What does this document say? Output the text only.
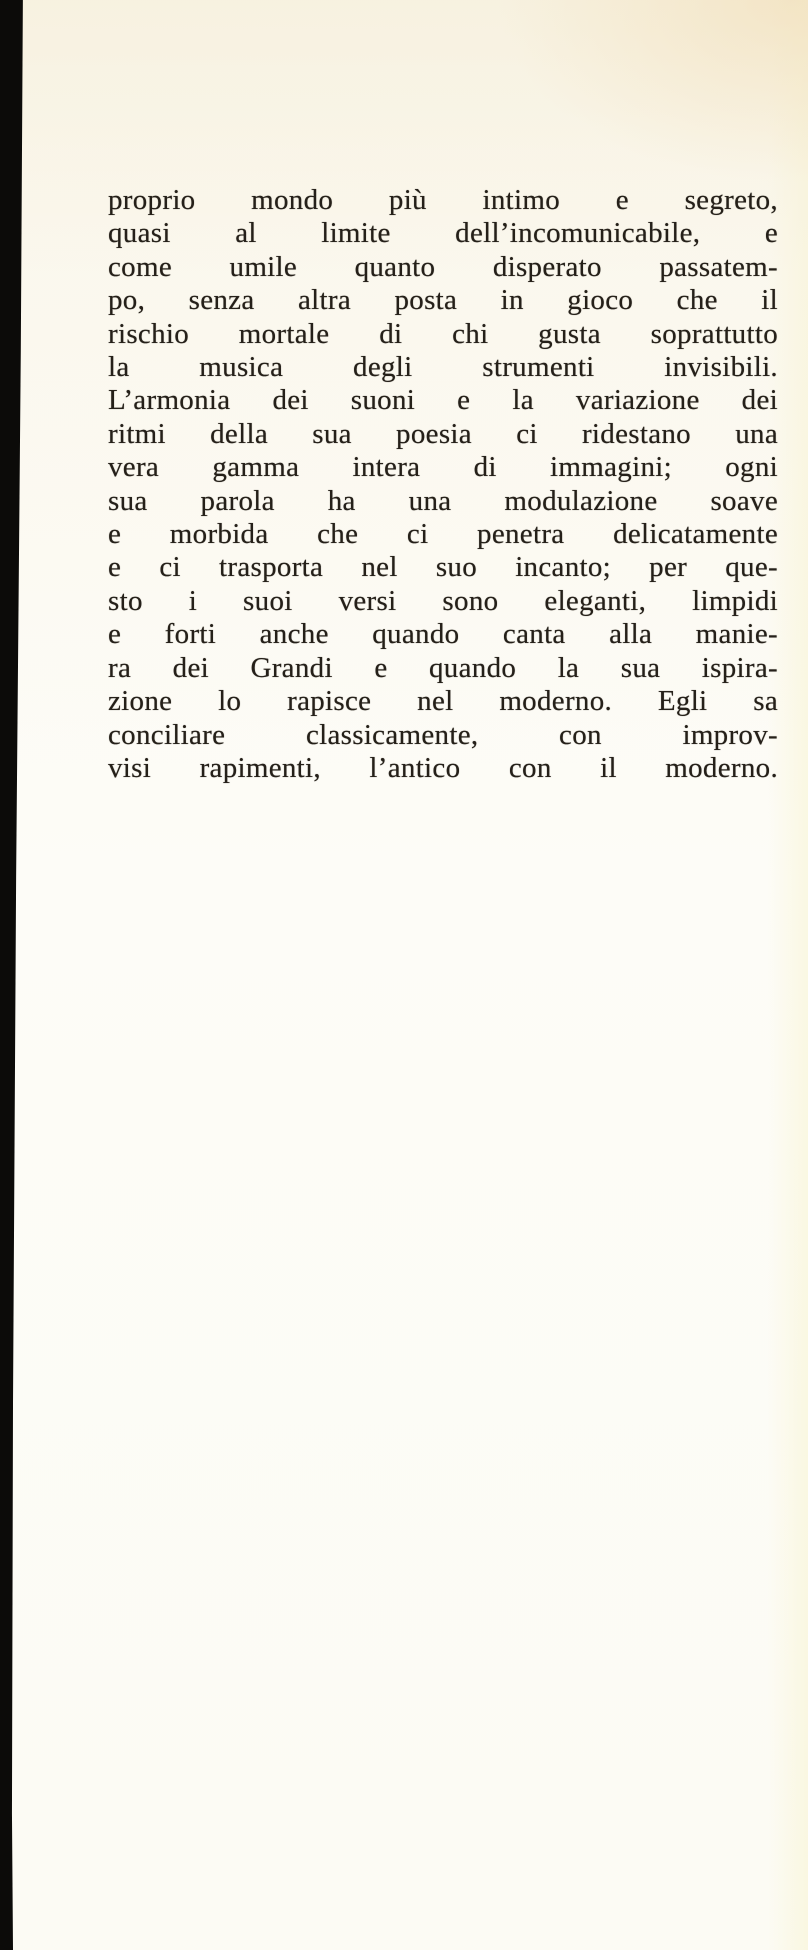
proprio mondo più intimo e segreto,
quasi al limite dell’incomunicabile, e
come umile quanto disperato passatem-
po, senza altra posta in gioco che il
rischio mortale di chi gusta soprattutto
la musica degli strumenti invisibili.
L’armonia dei suoni e la variazione dei
ritmi della sua poesia ci ridestano una
vera gamma intera di immagini; ogni
sua parola ha una modulazione soave
e morbida che ci penetra delicatamente
e ci trasporta nel suo incanto; per que-
sto i suoi versi sono eleganti, limpidi
e forti anche quando canta alla manie-
ra dei Grandi e quando la sua ispira-
zione lo rapisce nel moderno. Egli sa
conciliare classicamente, con improv-
visi rapimenti, l’antico con il moderno.
